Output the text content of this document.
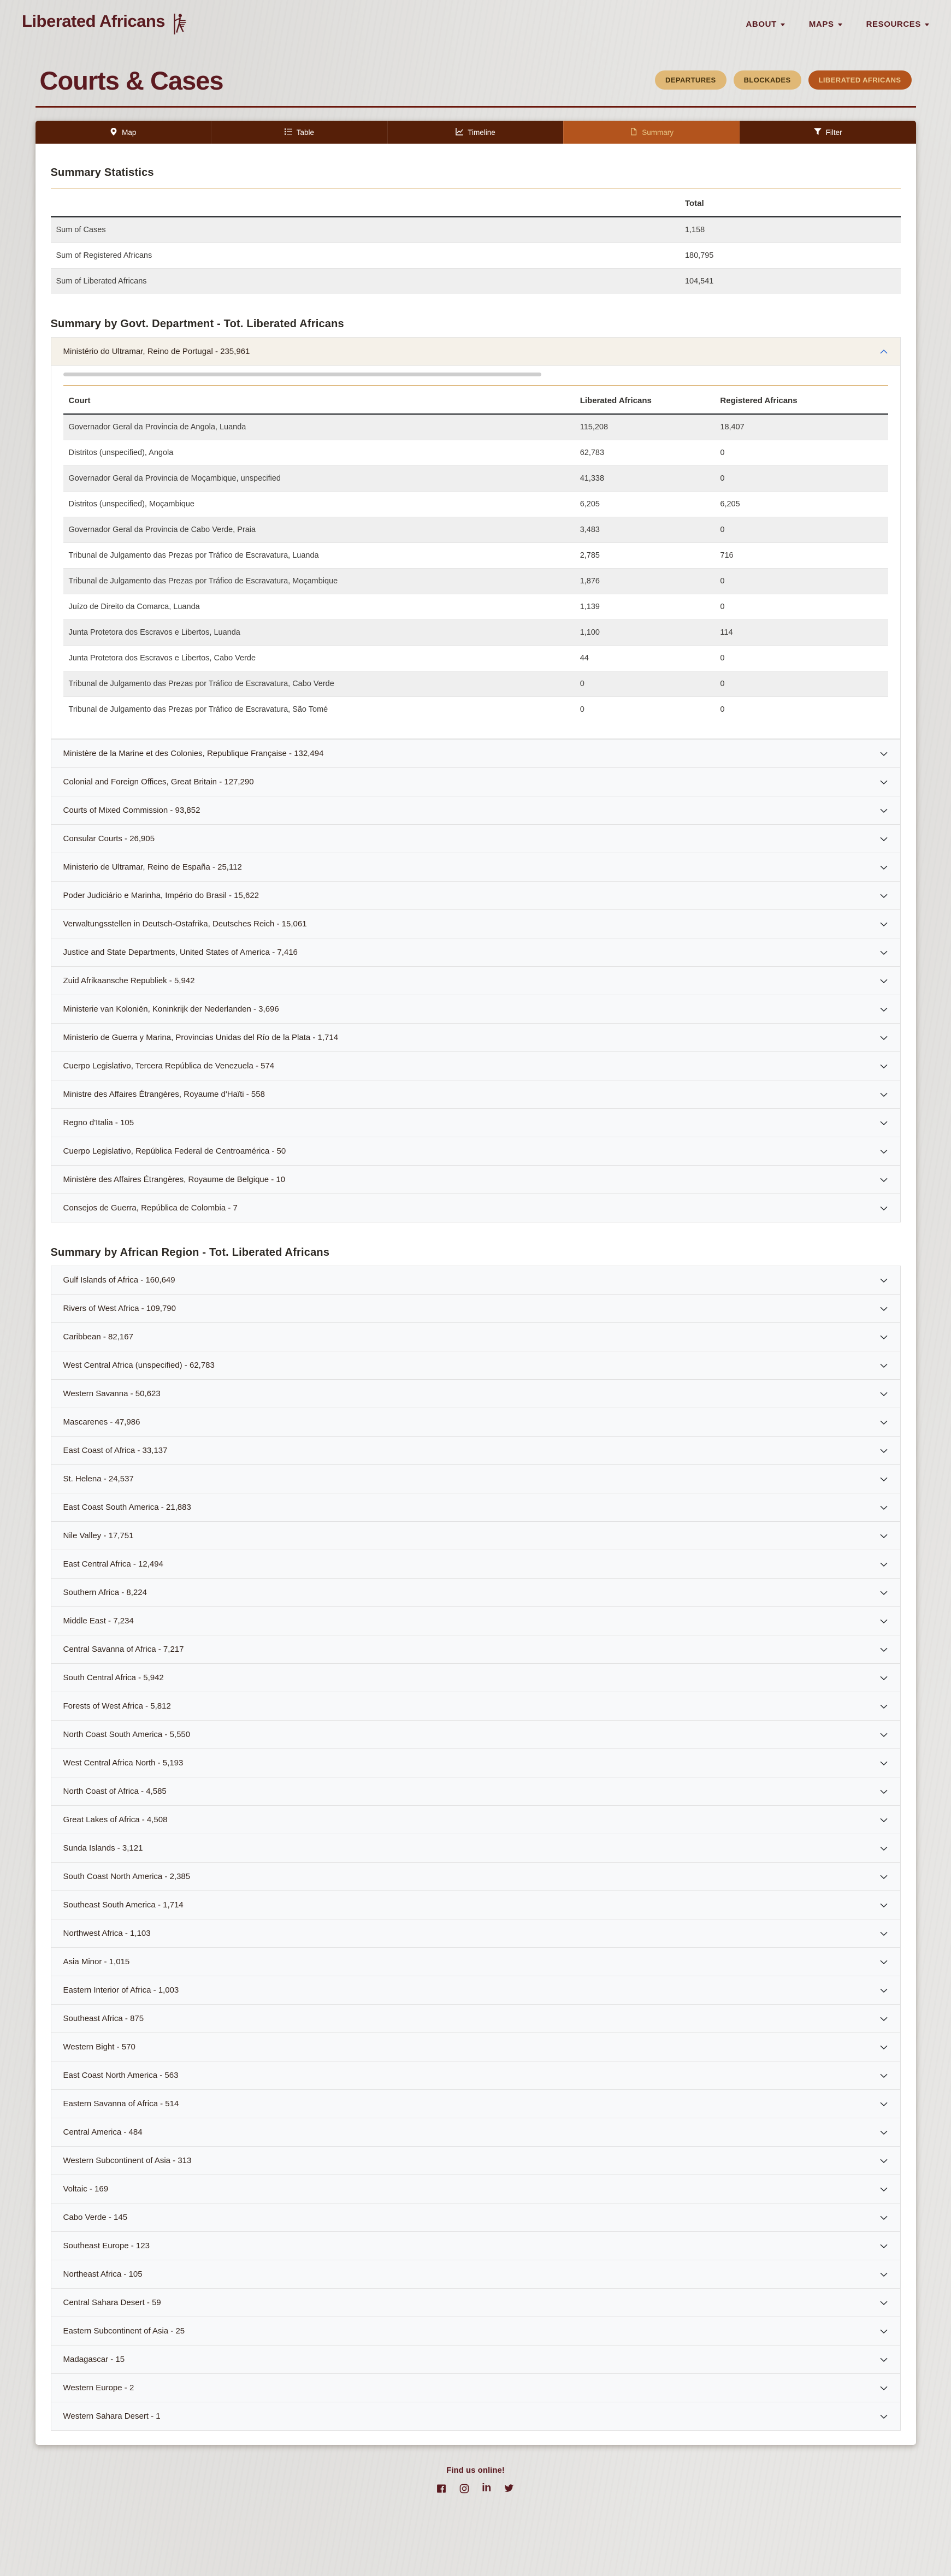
Liberated Africans	ABOUT	MAPS	RESOURCES
Courts & Cases	DEPARTURES	BLOCKADES	LIBERATED AFRICANS
Map	Table	Timeline	Summary	Filter
Summary Statistics
	Total
Sum of Cases	1,158
Sum of Registered Africans	180,795
Sum of Liberated Africans	104,541
Summary by Govt. Department - Tot. Liberated Africans
Ministério do Ultramar, Reino de Portugal - 235,961
Court	Liberated Africans	Registered Africans
Governador Geral da Provincia de Angola, Luanda	115,208	18,407
Distritos (unspecified), Angola	62,783	0
Governador Geral da Provincia de Moçambique, unspecified	41,338	0
Distritos (unspecified), Moçambique	6,205	6,205
Governador Geral da Provincia de Cabo Verde, Praia	3,483	0
Tribunal de Julgamento das Prezas por Tráfico de Escravatura, Luanda	2,785	716
Tribunal de Julgamento das Prezas por Tráfico de Escravatura, Moçambique	1,876	0
Juízo de Direito da Comarca, Luanda	1,139	0
Junta Protetora dos Escravos e Libertos, Luanda	1,100	114
Junta Protetora dos Escravos e Libertos, Cabo Verde	44	0
Tribunal de Julgamento das Prezas por Tráfico de Escravatura, Cabo Verde	0	0
Tribunal de Julgamento das Prezas por Tráfico de Escravatura, São Tomé	0	0
Ministère de la Marine et des Colonies, Republique Française - 132,494
Colonial and Foreign Offices, Great Britain - 127,290
Courts of Mixed Commission - 93,852
Consular Courts - 26,905
Ministerio de Ultramar, Reino de España - 25,112
Poder Judiciário e Marinha, Império do Brasil - 15,622
Verwaltungsstellen in Deutsch-Ostafrika, Deutsches Reich - 15,061
Justice and State Departments, United States of America - 7,416
Zuid Afrikaansche Republiek - 5,942
Ministerie van Koloniën, Koninkrijk der Nederlanden - 3,696
Ministerio de Guerra y Marina, Provincias Unidas del Río de la Plata - 1,714
Cuerpo Legislativo, Tercera República de Venezuela - 574
Ministre des Affaires Étrangères, Royaume d'Haïti - 558
Regno d'Italia - 105
Cuerpo Legislativo, República Federal de Centroamérica - 50
Ministère des Affaires Étrangères, Royaume de Belgique - 10
Consejos de Guerra, República de Colombia - 7
Summary by African Region - Tot. Liberated Africans
Gulf Islands of Africa - 160,649
Rivers of West Africa - 109,790
Caribbean - 82,167
West Central Africa (unspecified) - 62,783
Western Savanna - 50,623
Mascarenes - 47,986
East Coast of Africa - 33,137
St. Helena - 24,537
East Coast South America - 21,883
Nile Valley - 17,751
East Central Africa - 12,494
Southern Africa - 8,224
Middle East - 7,234
Central Savanna of Africa - 7,217
South Central Africa - 5,942
Forests of West Africa - 5,812
North Coast South America - 5,550
West Central Africa North - 5,193
North Coast of Africa - 4,585
Great Lakes of Africa - 4,508
Sunda Islands - 3,121
South Coast North America - 2,385
Southeast South America - 1,714
Northwest Africa - 1,103
Asia Minor - 1,015
Eastern Interior of Africa - 1,003
Southeast Africa - 875
Western Bight - 570
East Coast North America - 563
Eastern Savanna of Africa - 514
Central America - 484
Western Subcontinent of Asia - 313
Voltaic - 169
Cabo Verde - 145
Southeast Europe - 123
Northeast Africa - 105
Central Sahara Desert - 59
Eastern Subcontinent of Asia - 25
Madagascar - 15
Western Europe - 2
Western Sahara Desert - 1
Find us online!
in
